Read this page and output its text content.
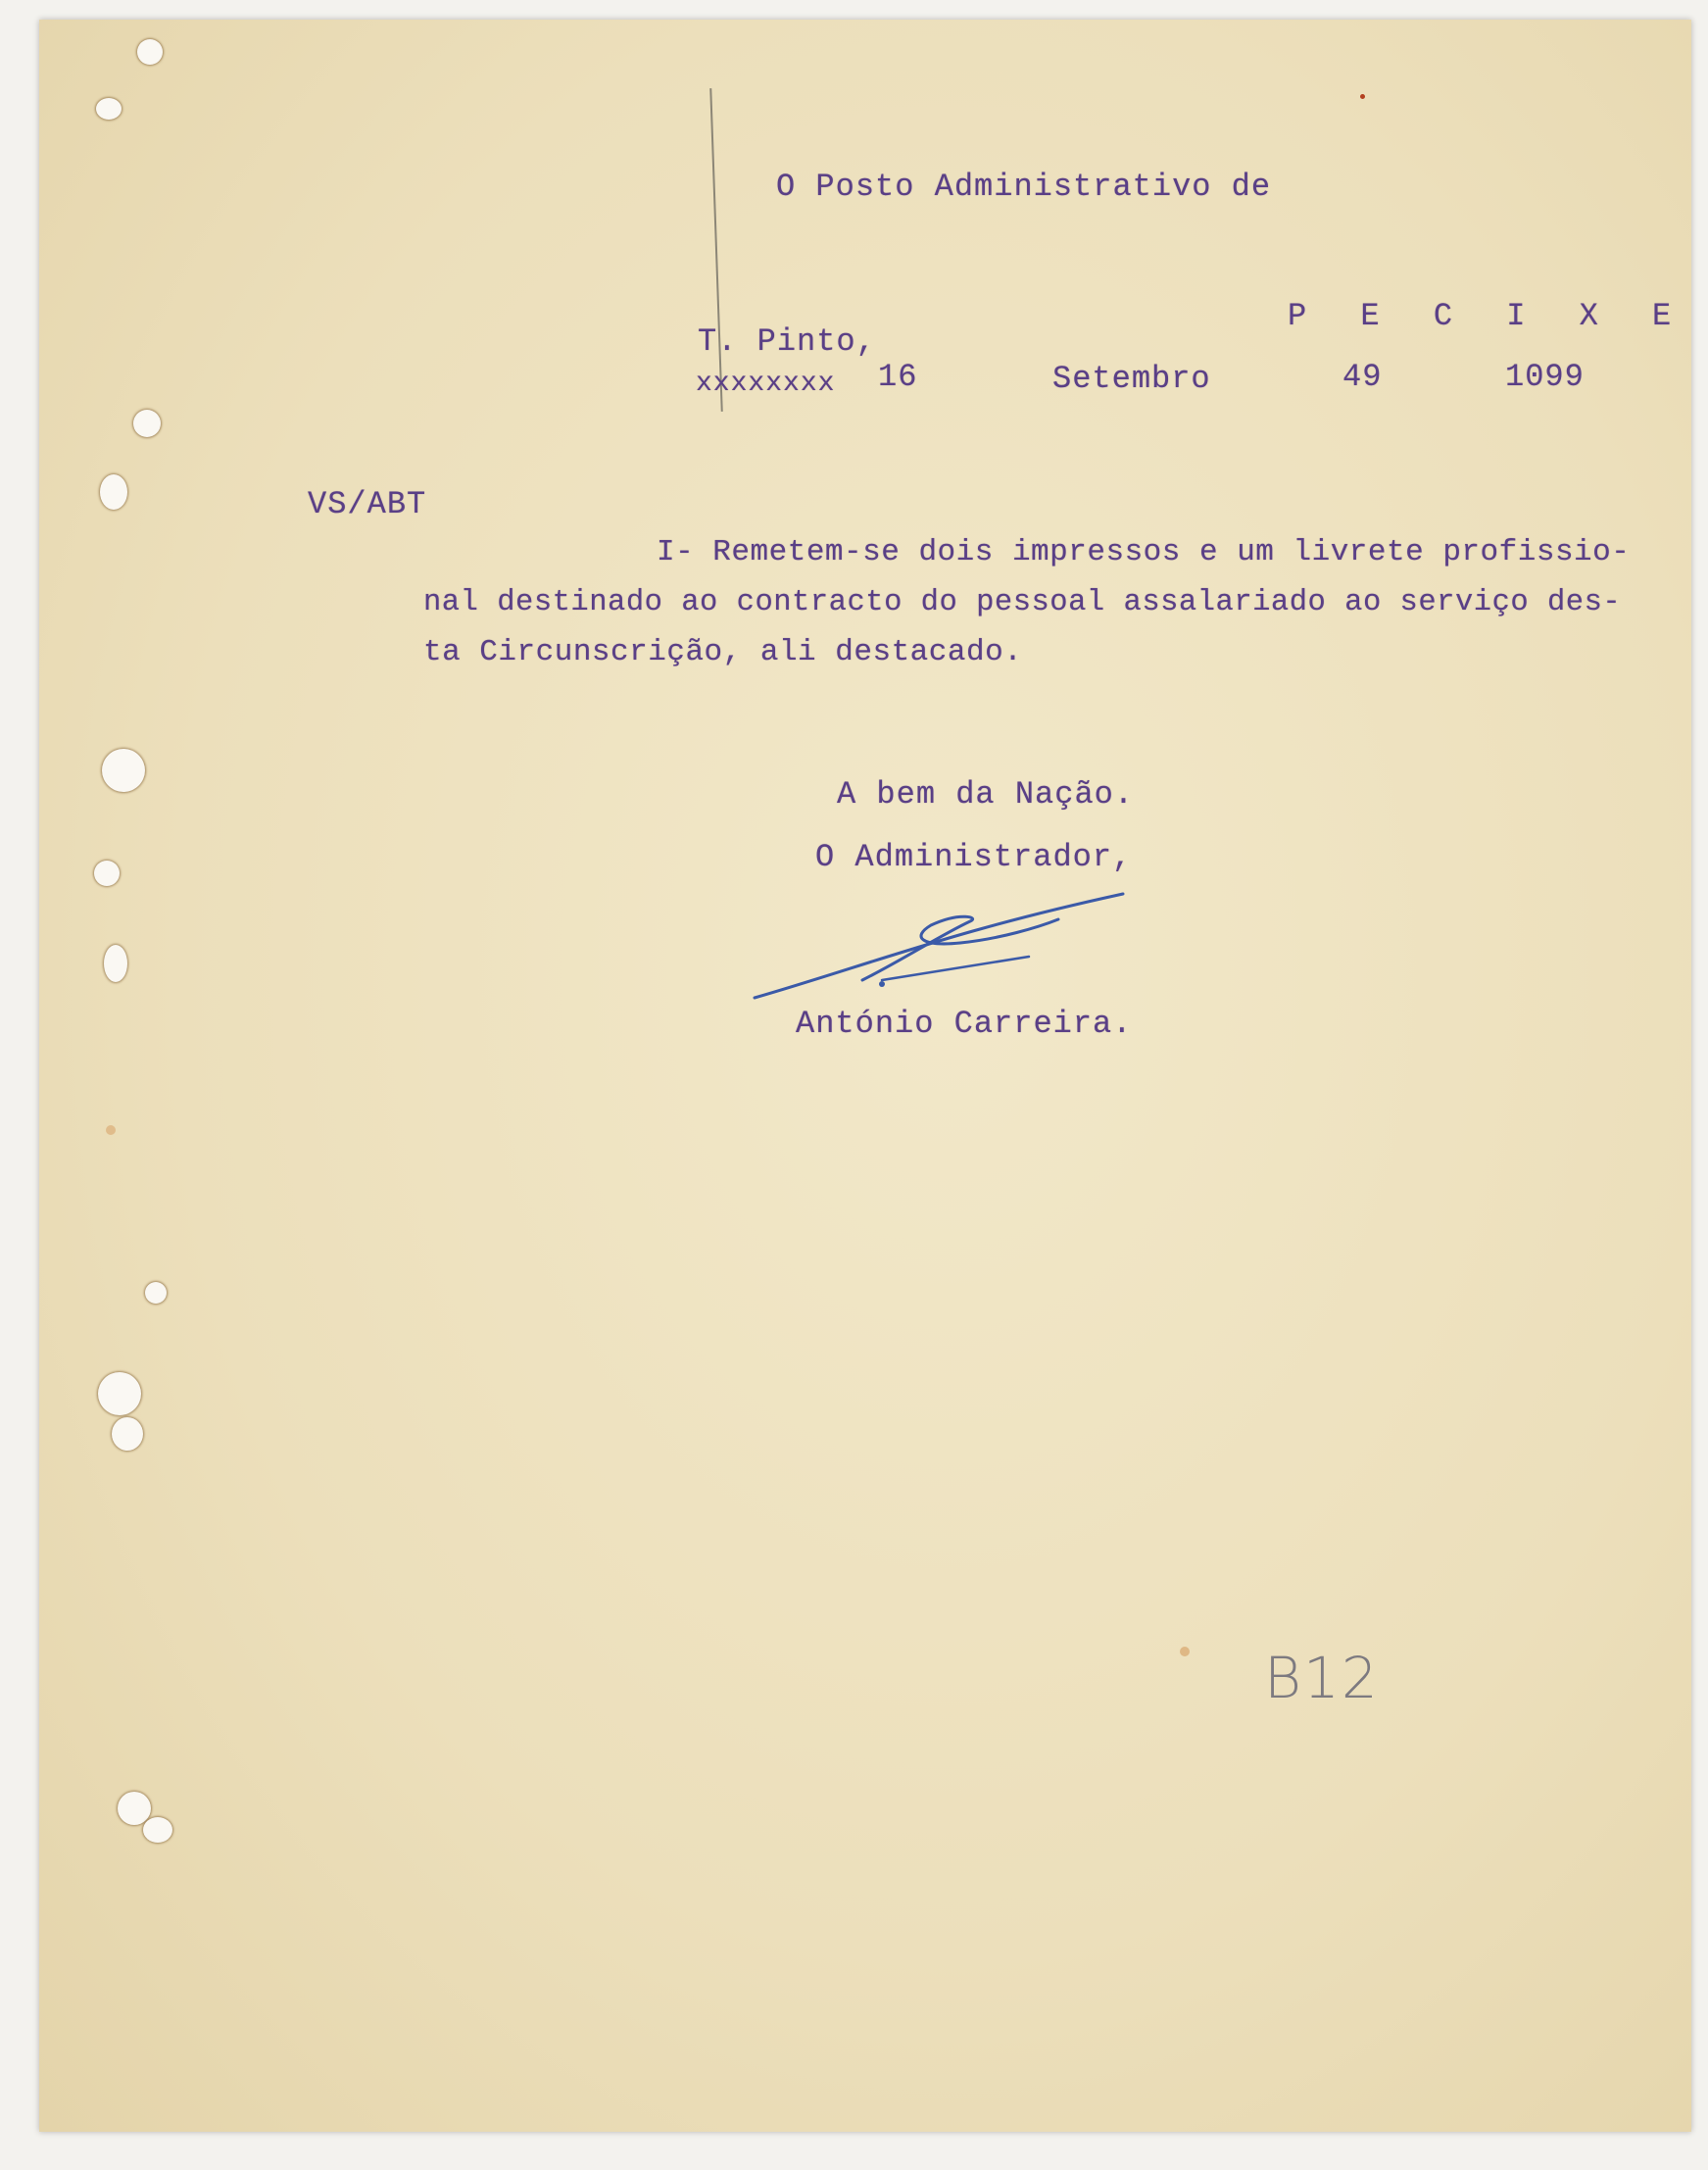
O Posto Administrativo de
P E C I X E
T. Pinto,
xxxxxxxx 16	Setembro	49	1099
VS/ABT
I- Remetem-se dois impressos e um livrete profissio-
nal destinado ao contracto do pessoal assalariado ao serviço des-
ta Circunscrição, ali destacado.
A bem da Nação.
O Administrador,
António Carreira.
B12
